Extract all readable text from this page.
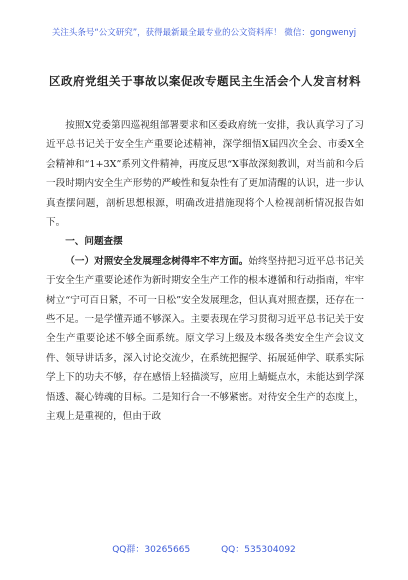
关注头条号“公文研究”，获得最新最全最专业的公文资料库！ 微信：gongwenyj
区政府党组关于事故以案促改专题民主生活会个人发言材料

按照X党委第四巡视组部署要求和区委政府统一安排，我认真学习了习近平总书记关于安全生产重要论述精神，深学细悟X届四次全会、市委X全会精神和“1+3X”系列文件精神，再度反思“X事故深刻教训，对当前和今后一段时期内安全生产形势的严峻性和复杂性有了更加清醒的认识，进一步认真查摆问题，剖析思想根源，明确改进措施现将个人检视剖析情况报告如下。

一、问题查摆

（一）对照安全发展理念树得牢不牢方面。始终坚持把习近平总书记关于安全生产重要论述作为新时期安全生产工作的根本遵循和行动指南，牢牢树立“宁可百日紧，不可一日松”安全发展理念，但认真对照查摆，还存在一些不足。一是学懂弄通不够深入。主要表现在学习贯彻习近平总书记关于安全生产重要论述不够全面系统。原文学习上级及本级各类安全生产会议文件、领导讲话多，深入讨论交流少，在系统把握学、拓展延伸学、联系实际学上下的功夫不够，存在感悟上轻描淡写，应用上蜻蜓点水，未能达到学深悟透、凝心铸魂的目标。二是知行合一不够紧密。对待安全生产的态度上，主观上是重视的，但由于政

QQ群：30265665	QQ：535304092
